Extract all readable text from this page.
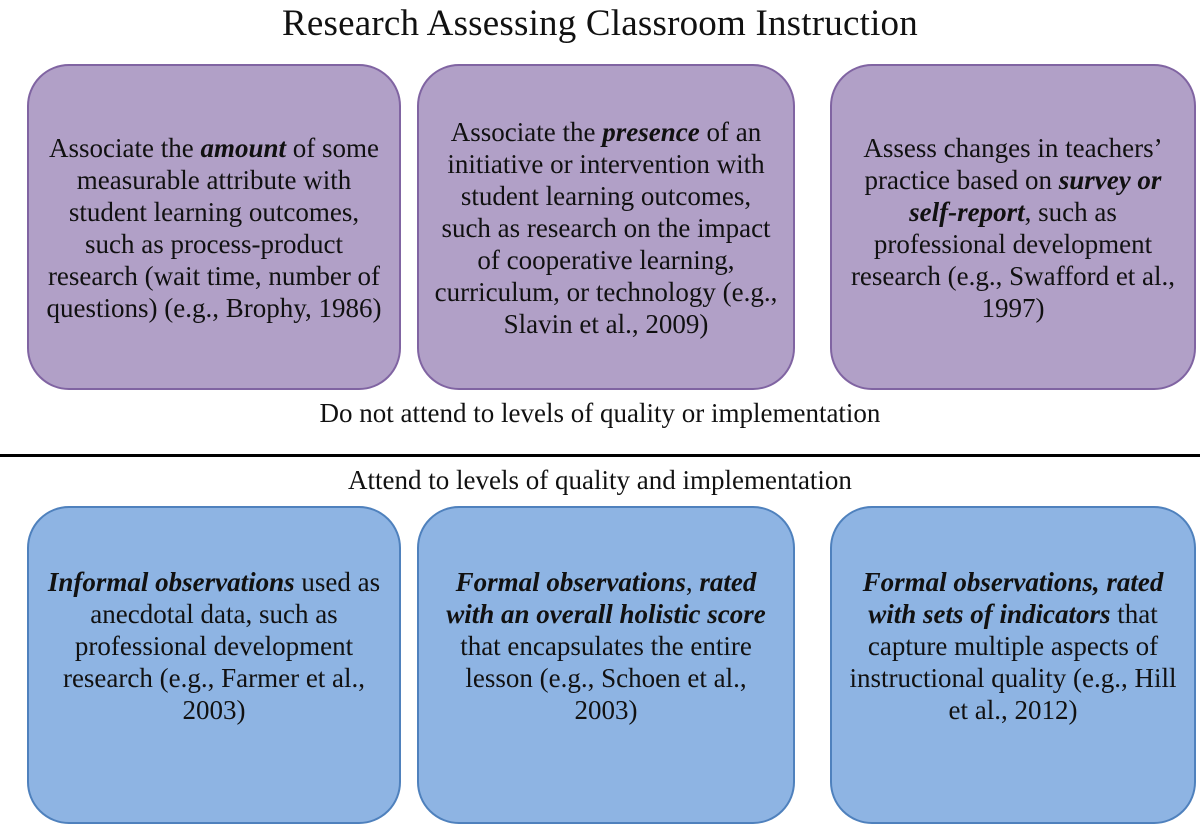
Research Assessing Classroom Instruction
Associate the amount of some measurable attribute with student learning outcomes, such as process-product research (wait time, number of questions) (e.g., Brophy, 1986)
Associate the presence of an initiative or intervention with student learning outcomes, such as research on the impact of cooperative learning, curriculum, or technology (e.g., Slavin et al., 2009)
Assess changes in teachers’ practice based on survey or self-report, such as professional development research (e.g., Swafford et al., 1997)
Do not attend to levels of quality or implementation
Attend to levels of quality and implementation
Informal observations used as anecdotal data, such as professional development research (e.g., Farmer et al., 2003)
Formal observations, rated with an overall holistic score that encapsulates the entire lesson (e.g., Schoen et al., 2003)
Formal observations, rated with sets of indicators that capture multiple aspects of instructional quality (e.g., Hill et al., 2012)
